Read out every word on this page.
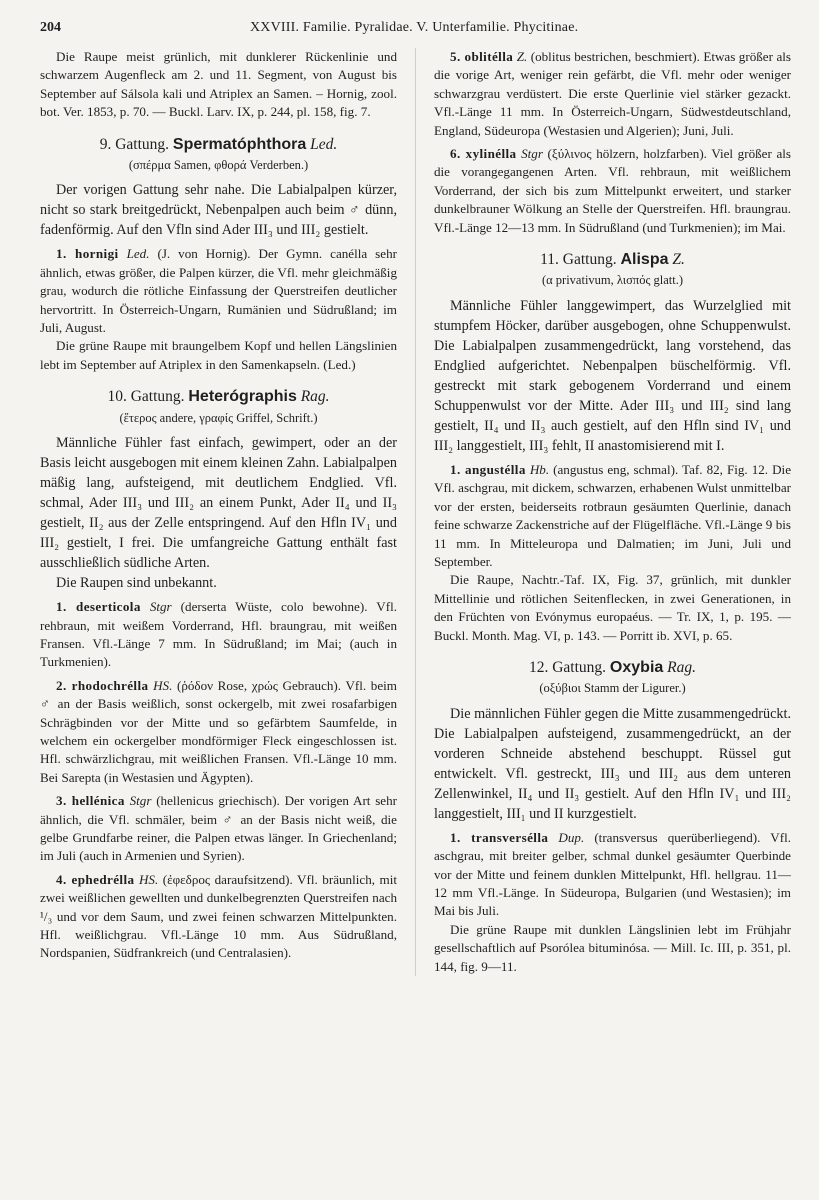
204	XXVIII. Familie. Pyralidae. V. Unterfamilie. Phycitinae.

Die Raupe meist grünlich, mit dunklerer Rückenlinie und schwarzem Augenfleck am 2. und 11. Segment, von August bis September auf Sálsola kali und Atriplex an Samen. – Hornig, zool. bot. Ver. 1853, p. 70. — Buckl. Larv. IX, p. 244, pl. 158, fig. 7.

9. Gattung. Spermatóphthora Led.
(σπέρμα Samen, φθορά Verderben.)

Der vorigen Gattung sehr nahe. Die Labialpalpen kürzer, nicht so stark breitgedrückt, Nebenpalpen auch beim ♂ dünn, fadenförmig. Auf den Vfln sind Ader III₃ und III₂ gestielt.

1. hornigi Led. (J. von Hornig). Der Gymn. canélla sehr ähnlich, etwas größer, die Palpen kürzer, die Vfl. mehr gleichmäßig grau, wodurch die rötliche Einfassung der Querstreifen deutlicher hervortritt. In Österreich-Ungarn, Rumänien und Südrußland; im Juli, August.

Die grüne Raupe mit braungelbem Kopf und hellen Längslinien lebt im September auf Atriplex in den Samenkapseln. (Led.)

10. Gattung. Heterógraphis Rag.
(ἕτερος andere, γραφίς Griffel, Schrift.)

Männliche Fühler fast einfach, gewimpert, oder an der Basis leicht ausgebogen mit einem kleinen Zahn. Labialpalpen mäßig lang, aufsteigend, mit deutlichem Endglied. Vfl. schmal, Ader III₃ und III₂ an einem Punkt, Ader II₄ und II₃ gestielt, II₂ aus der Zelle entspringend. Auf den Hfln IV₁ und III₂ gestielt, I frei. Die umfangreiche Gattung enthält fast ausschließlich südliche Arten.

Die Raupen sind unbekannt.

1. deserticola Stgr (derserta Wüste, colo bewohne). Vfl. rehbraun, mit weißem Vorderrand, Hfl. braungrau, mit weißen Fransen. Vfl.-Länge 7 mm. In Südrußland; im Mai; (auch in Turkmenien).

2. rhodochrélla HS. (ῥόδον Rose, χρώς Gebrauch). Vfl. beim ♂ an der Basis weißlich, sonst ockergelb, mit zwei rosafarbigen Schrägbinden vor der Mitte und so gefärbtem Saumfelde, in welchem ein ockergelber mondförmiger Fleck eingeschlossen ist. Hfl. schwärzlichgrau, mit weißlichen Fransen. Vfl.-Länge 10 mm. Bei Sarepta (in Westasien und Ägypten).

3. hellénica Stgr (hellenicus griechisch). Der vorigen Art sehr ähnlich, die Vfl. schmäler, beim ♂ an der Basis nicht weiß, die gelbe Grundfarbe reiner, die Palpen etwas länger. In Griechenland; im Juli (auch in Armenien und Syrien).

4. ephedrélla HS. (ἐφεδρος daraufsitzend). Vfl. bräunlich, mit zwei weißlichen gewellten und dunkelbegrenzten Querstreifen nach ¹/₃ und vor dem Saum, und zwei feinen schwarzen Mittelpunkten. Hfl. weißlichgrau. Vfl.-Länge 10 mm. Aus Südrußland, Nordspanien, Südfrankreich (und Centralasien).

5. oblitélla Z. (oblitus bestrichen, beschmiert). Etwas größer als die vorige Art, weniger rein gefärbt, die Vfl. mehr oder weniger schwarzgrau verdüstert. Die erste Querlinie viel stärker gezackt. Vfl.-Länge 11 mm. In Österreich-Ungarn, Südwestdeutschland, England, Südeuropa (Westasien und Algerien); Juni, Juli.

6. xylinélla Stgr (ξύλινος hölzern, holzfarben). Viel größer als die vorangegangenen Arten. Vfl. rehbraun, mit weißlichem Vorderrand, der sich bis zum Mittelpunkt erweitert, und starker dunkelbrauner Wölkung an Stelle der Querstreifen. Hfl. braungrau. Vfl.-Länge 12—13 mm. In Südrußland (und Turkmenien); im Mai.

11. Gattung. Alispa Z.
(α privativum, λισπός glatt.)

Männliche Fühler langgewimpert, das Wurzelglied mit stumpfem Höcker, darüber ausgebogen, ohne Schuppenwulst. Die Labialpalpen zusammengedrückt, lang vorstehend, das Endglied aufgerichtet. Nebenpalpen büschelförmig. Vfl. gestreckt mit stark gebogenem Vorderrand und einem Schuppenwulst vor der Mitte. Ader III₃ und III₂ sind lang gestielt, II₄ und II₃ auch gestielt, auf den Hfln sind IV₁ und III₂ langgestielt, III₃ fehlt, II anastomisierend mit I.

1. angustélla Hb. (angustus eng, schmal). Taf. 82, Fig. 12. Die Vfl. aschgrau, mit dickem, schwarzen, erhabenen Wulst unmittelbar vor der ersten, beiderseits rotbraun gesäumten Querlinie, danach feine schwarze Zackenstriche auf der Flügelfläche. Vfl.-Länge 9 bis 11 mm. In Mitteleuropa und Dalmatien; im Juni, Juli und September.

Die Raupe, Nachtr.-Taf. IX, Fig. 37, grünlich, mit dunkler Mittellinie und rötlichen Seitenflecken, in zwei Generationen, in den Früchten von Evónymus europaéus. — Tr. IX, 1, p. 195. — Buckl. Month. Mag. VI, p. 143. — Porritt ib. XVI, p. 65.

12. Gattung. Oxybia Rag.
(οξύβιοι Stamm der Ligurer.)

Die männlichen Fühler gegen die Mitte zusammengedrückt. Die Labialpalpen aufsteigend, zusammengedrückt, an der vorderen Schneide abstehend beschuppt. Rüssel gut entwickelt. Vfl. gestreckt, III₃ und III₂ aus dem unteren Zellenwinkel, II₄ und II₃ gestielt. Auf den Hfln IV₁ und III₂ langgestielt, III₁ und II kurzgestielt.

1. transversélla Dup. (transversus querüberliegend). Vfl. aschgrau, mit breiter gelber, schmal dunkel gesäumter Querbinde vor der Mitte und feinem dunklen Mittelpunkt, Hfl. hellgrau. 11—12 mm Vfl.-Länge. In Südeuropa, Bulgarien (und Westasien); im Mai bis Juli.

Die grüne Raupe mit dunklen Längslinien lebt im Frühjahr gesellschaftlich auf Psorólea bituminósa. — Mill. Ic. III, p. 351, pl. 144, fig. 9—11.
